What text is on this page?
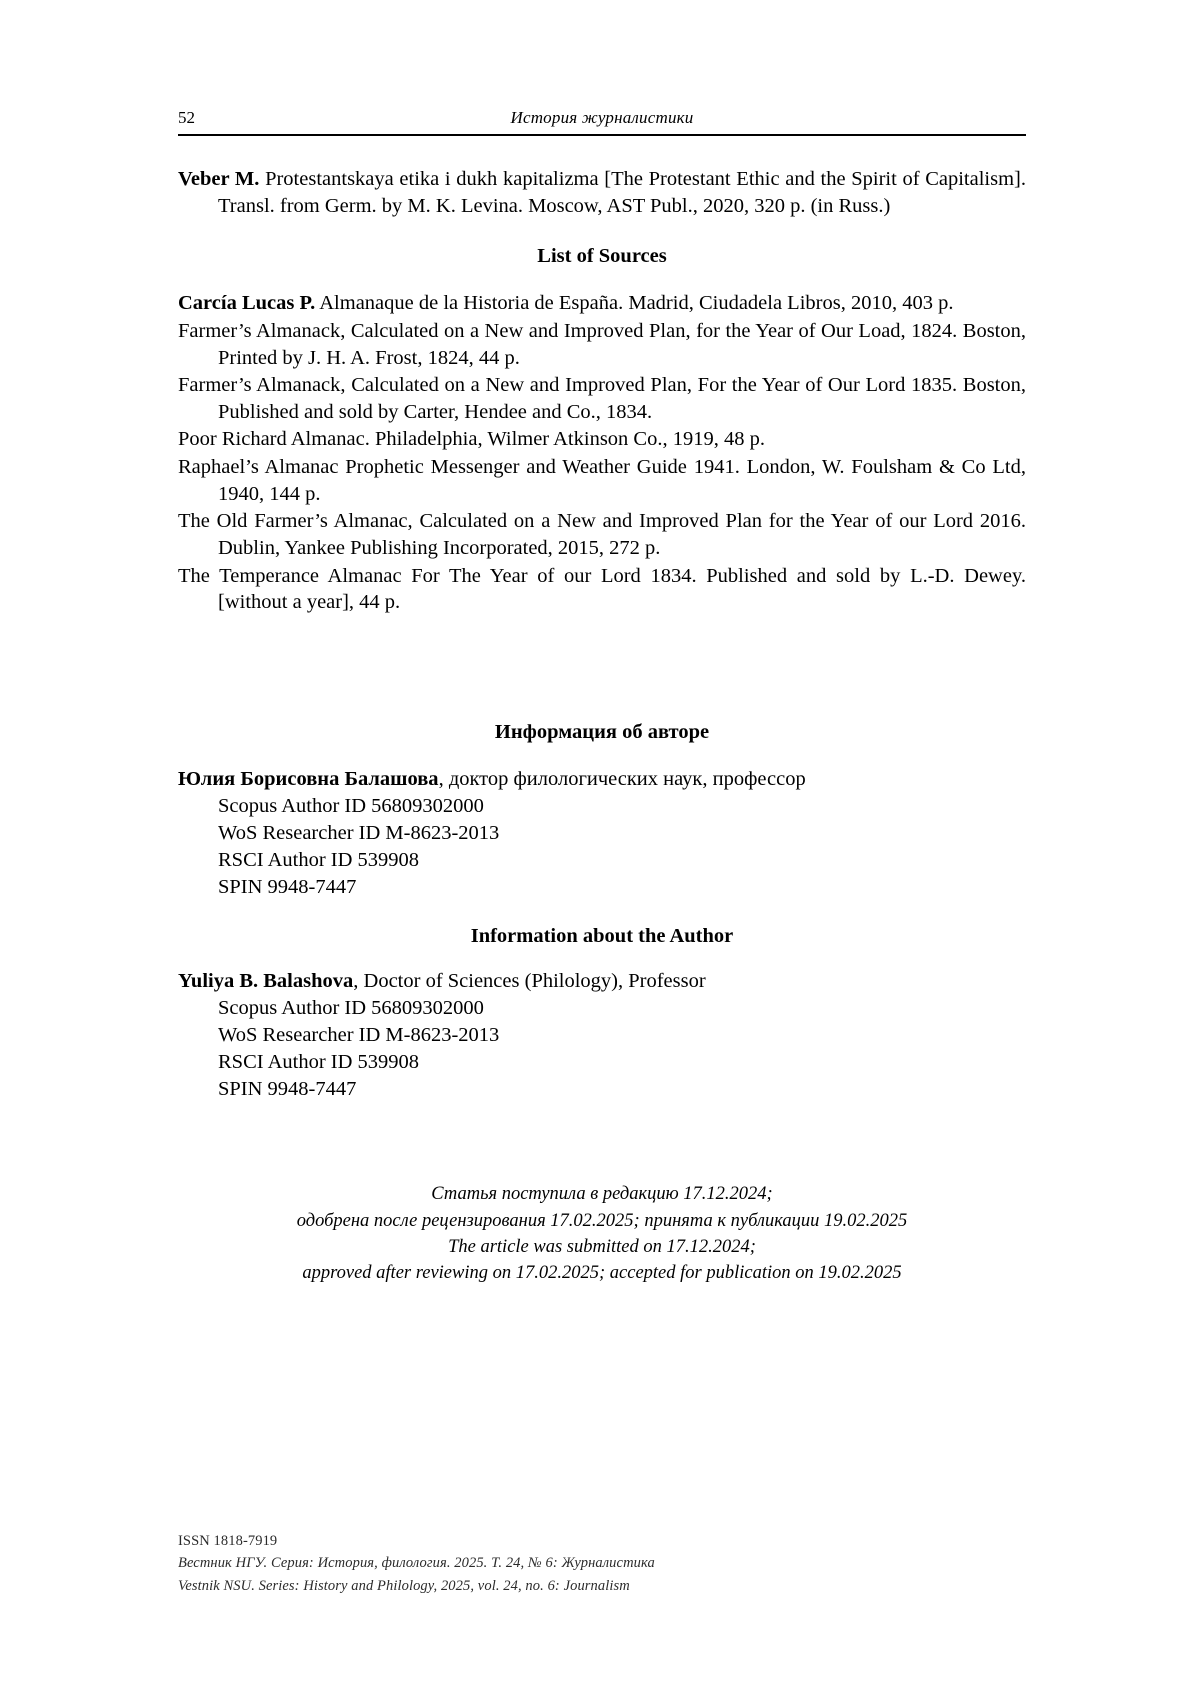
52	История журналистики

Veber M. Protestantskaya etika i dukh kapitalizma [The Protestant Ethic and the Spirit of Capitalism]. Transl. from Germ. by M. K. Levina. Moscow, AST Publ., 2020, 320 p. (in Russ.)

List of Sources

Carcía Lucas P. Almanaque de la Historia de España. Madrid, Ciudadela Libros, 2010, 403 p.

Farmer’s Almanack, Calculated on a New and Improved Plan, for the Year of Our Load, 1824. Boston, Printed by J. H. A. Frost, 1824, 44 p.

Farmer’s Almanack, Calculated on a New and Improved Plan, For the Year of Our Lord 1835. Boston, Published and sold by Carter, Hendee and Co., 1834.

Poor Richard Almanac. Philadelphia, Wilmer Atkinson Co., 1919, 48 p.

Raphael’s Almanac Prophetic Messenger and Weather Guide 1941. London, W. Foulsham & Co Ltd, 1940, 144 p.

The Old Farmer’s Almanac, Calculated on a New and Improved Plan for the Year of our Lord 2016. Dublin, Yankee Publishing Incorporated, 2015, 272 p.

The Temperance Almanac For The Year of our Lord 1834. Published and sold by L.-D. Dewey. [without a year], 44 p.

Информация об авторе

Юлия Борисовна Балашова, доктор филологических наук, профессор

Scopus Author ID 56809302000

WoS Researcher ID M-8623-2013

RSCI Author ID 539908

SPIN 9948-7447

Information about the Author

Yuliya B. Balashova, Doctor of Sciences (Philology), Professor

Scopus Author ID 56809302000

WoS Researcher ID M-8623-2013

RSCI Author ID 539908

SPIN 9948-7447

Статья поступила в редакцию 17.12.2024;

одобрена после рецензирования 17.02.2025; принята к публикации 19.02.2025

The article was submitted on 17.12.2024;

approved after reviewing on 17.02.2025; accepted for publication on 19.02.2025

ISSN 1818-7919
Вестник НГУ. Серия: История, филология. 2025. Т. 24, № 6: Журналистика
Vestnik NSU. Series: History and Philology, 2025, vol. 24, no. 6: Journalism
